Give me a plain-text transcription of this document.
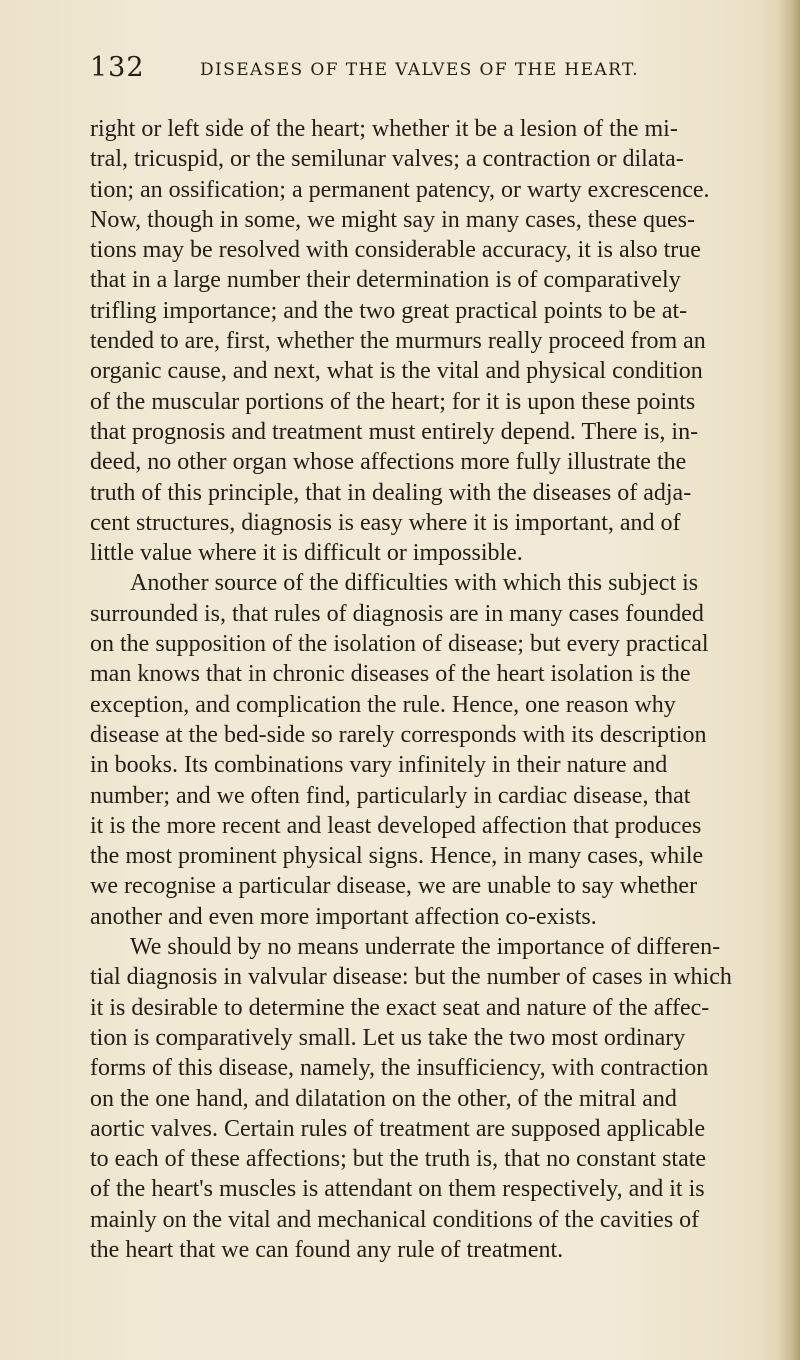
132	DISEASES OF THE VALVES OF THE HEART.
right or left side of the heart; whether it be a lesion of the mi-
tral, tricuspid, or the semilunar valves; a contraction or dilata-
tion; an ossification; a permanent patency, or warty excrescence.
Now, though in some, we might say in many cases, these ques-
tions may be resolved with considerable accuracy, it is also true
that in a large number their determination is of comparatively
trifling importance; and the two great practical points to be at-
tended to are, first, whether the murmurs really proceed from an
organic cause, and next, what is the vital and physical condition
of the muscular portions of the heart; for it is upon these points
that prognosis and treatment must entirely depend. There is, in-
deed, no other organ whose affections more fully illustrate the
truth of this principle, that in dealing with the diseases of adja-
cent structures, diagnosis is easy where it is important, and of
little value where it is difficult or impossible.
Another source of the difficulties with which this subject is
surrounded is, that rules of diagnosis are in many cases founded
on the supposition of the isolation of disease; but every practical
man knows that in chronic diseases of the heart isolation is the
exception, and complication the rule. Hence, one reason why
disease at the bed-side so rarely corresponds with its description
in books. Its combinations vary infinitely in their nature and
number; and we often find, particularly in cardiac disease, that
it is the more recent and least developed affection that produces
the most prominent physical signs. Hence, in many cases, while
we recognise a particular disease, we are unable to say whether
another and even more important affection co-exists.
We should by no means underrate the importance of differen-
tial diagnosis in valvular disease: but the number of cases in which
it is desirable to determine the exact seat and nature of the affec-
tion is comparatively small. Let us take the two most ordinary
forms of this disease, namely, the insufficiency, with contraction
on the one hand, and dilatation on the other, of the mitral and
aortic valves. Certain rules of treatment are supposed applicable
to each of these affections; but the truth is, that no constant state
of the heart's muscles is attendant on them respectively, and it is
mainly on the vital and mechanical conditions of the cavities of
the heart that we can found any rule of treatment.
